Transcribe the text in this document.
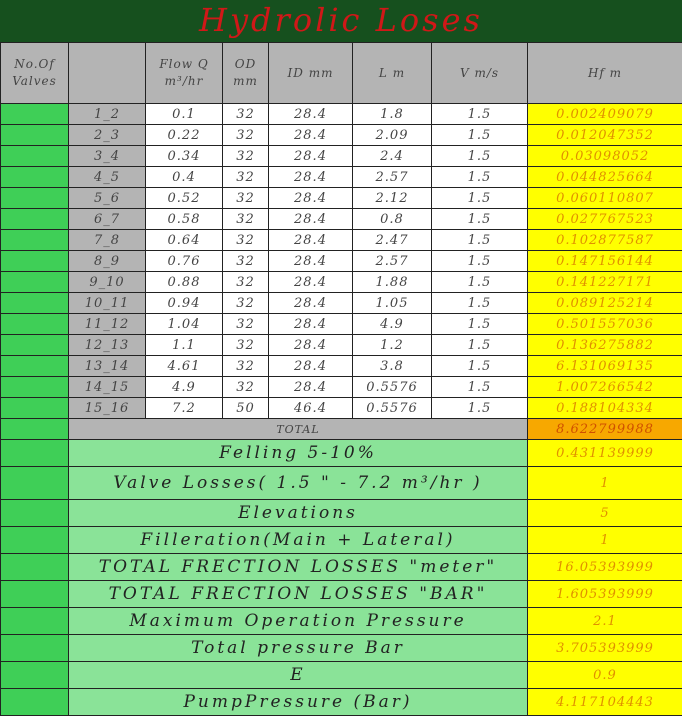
Hydrolic Loses
No.Of Valves		Flow Q m³/hr	OD mm	ID mm	L m	V m/s	Hf m
	1_2	0.1	32	28.4	1.8	1.5	0.002409079
	2_3	0.22	32	28.4	2.09	1.5	0.012047352
	3_4	0.34	32	28.4	2.4	1.5	0.03098052
	4_5	0.4	32	28.4	2.57	1.5	0.044825664
	5_6	0.52	32	28.4	2.12	1.5	0.060110807
	6_7	0.58	32	28.4	0.8	1.5	0.027767523
	7_8	0.64	32	28.4	2.47	1.5	0.102877587
	8_9	0.76	32	28.4	2.57	1.5	0.147156144
	9_10	0.88	32	28.4	1.88	1.5	0.141227171
	10_11	0.94	32	28.4	1.05	1.5	0.089125214
	11_12	1.04	32	28.4	4.9	1.5	0.501557036
	12_13	1.1	32	28.4	1.2	1.5	0.136275882
	13_14	4.61	32	28.4	3.8	1.5	6.131069135
	14_15	4.9	32	28.4	0.5576	1.5	1.007266542
	15_16	7.2	50	46.4	0.5576	1.5	0.188104334
	TOTAL						8.622799988
	Felling 5-10%						0.431139999
	Valve Losses( 1.5 " - 7.2 m³/hr )						1
	Elevations						5
	Filleration(Main + Lateral)						1
	TOTAL FRECTION LOSSES "meter"						16.05393999
	TOTAL FRECTION LOSSES "BAR"						1.605393999
	Maximum Operation Pressure						2.1
	Total pressure Bar						3.705393999
	E						0.9
	PumpPressure (Bar)						4.117104443
